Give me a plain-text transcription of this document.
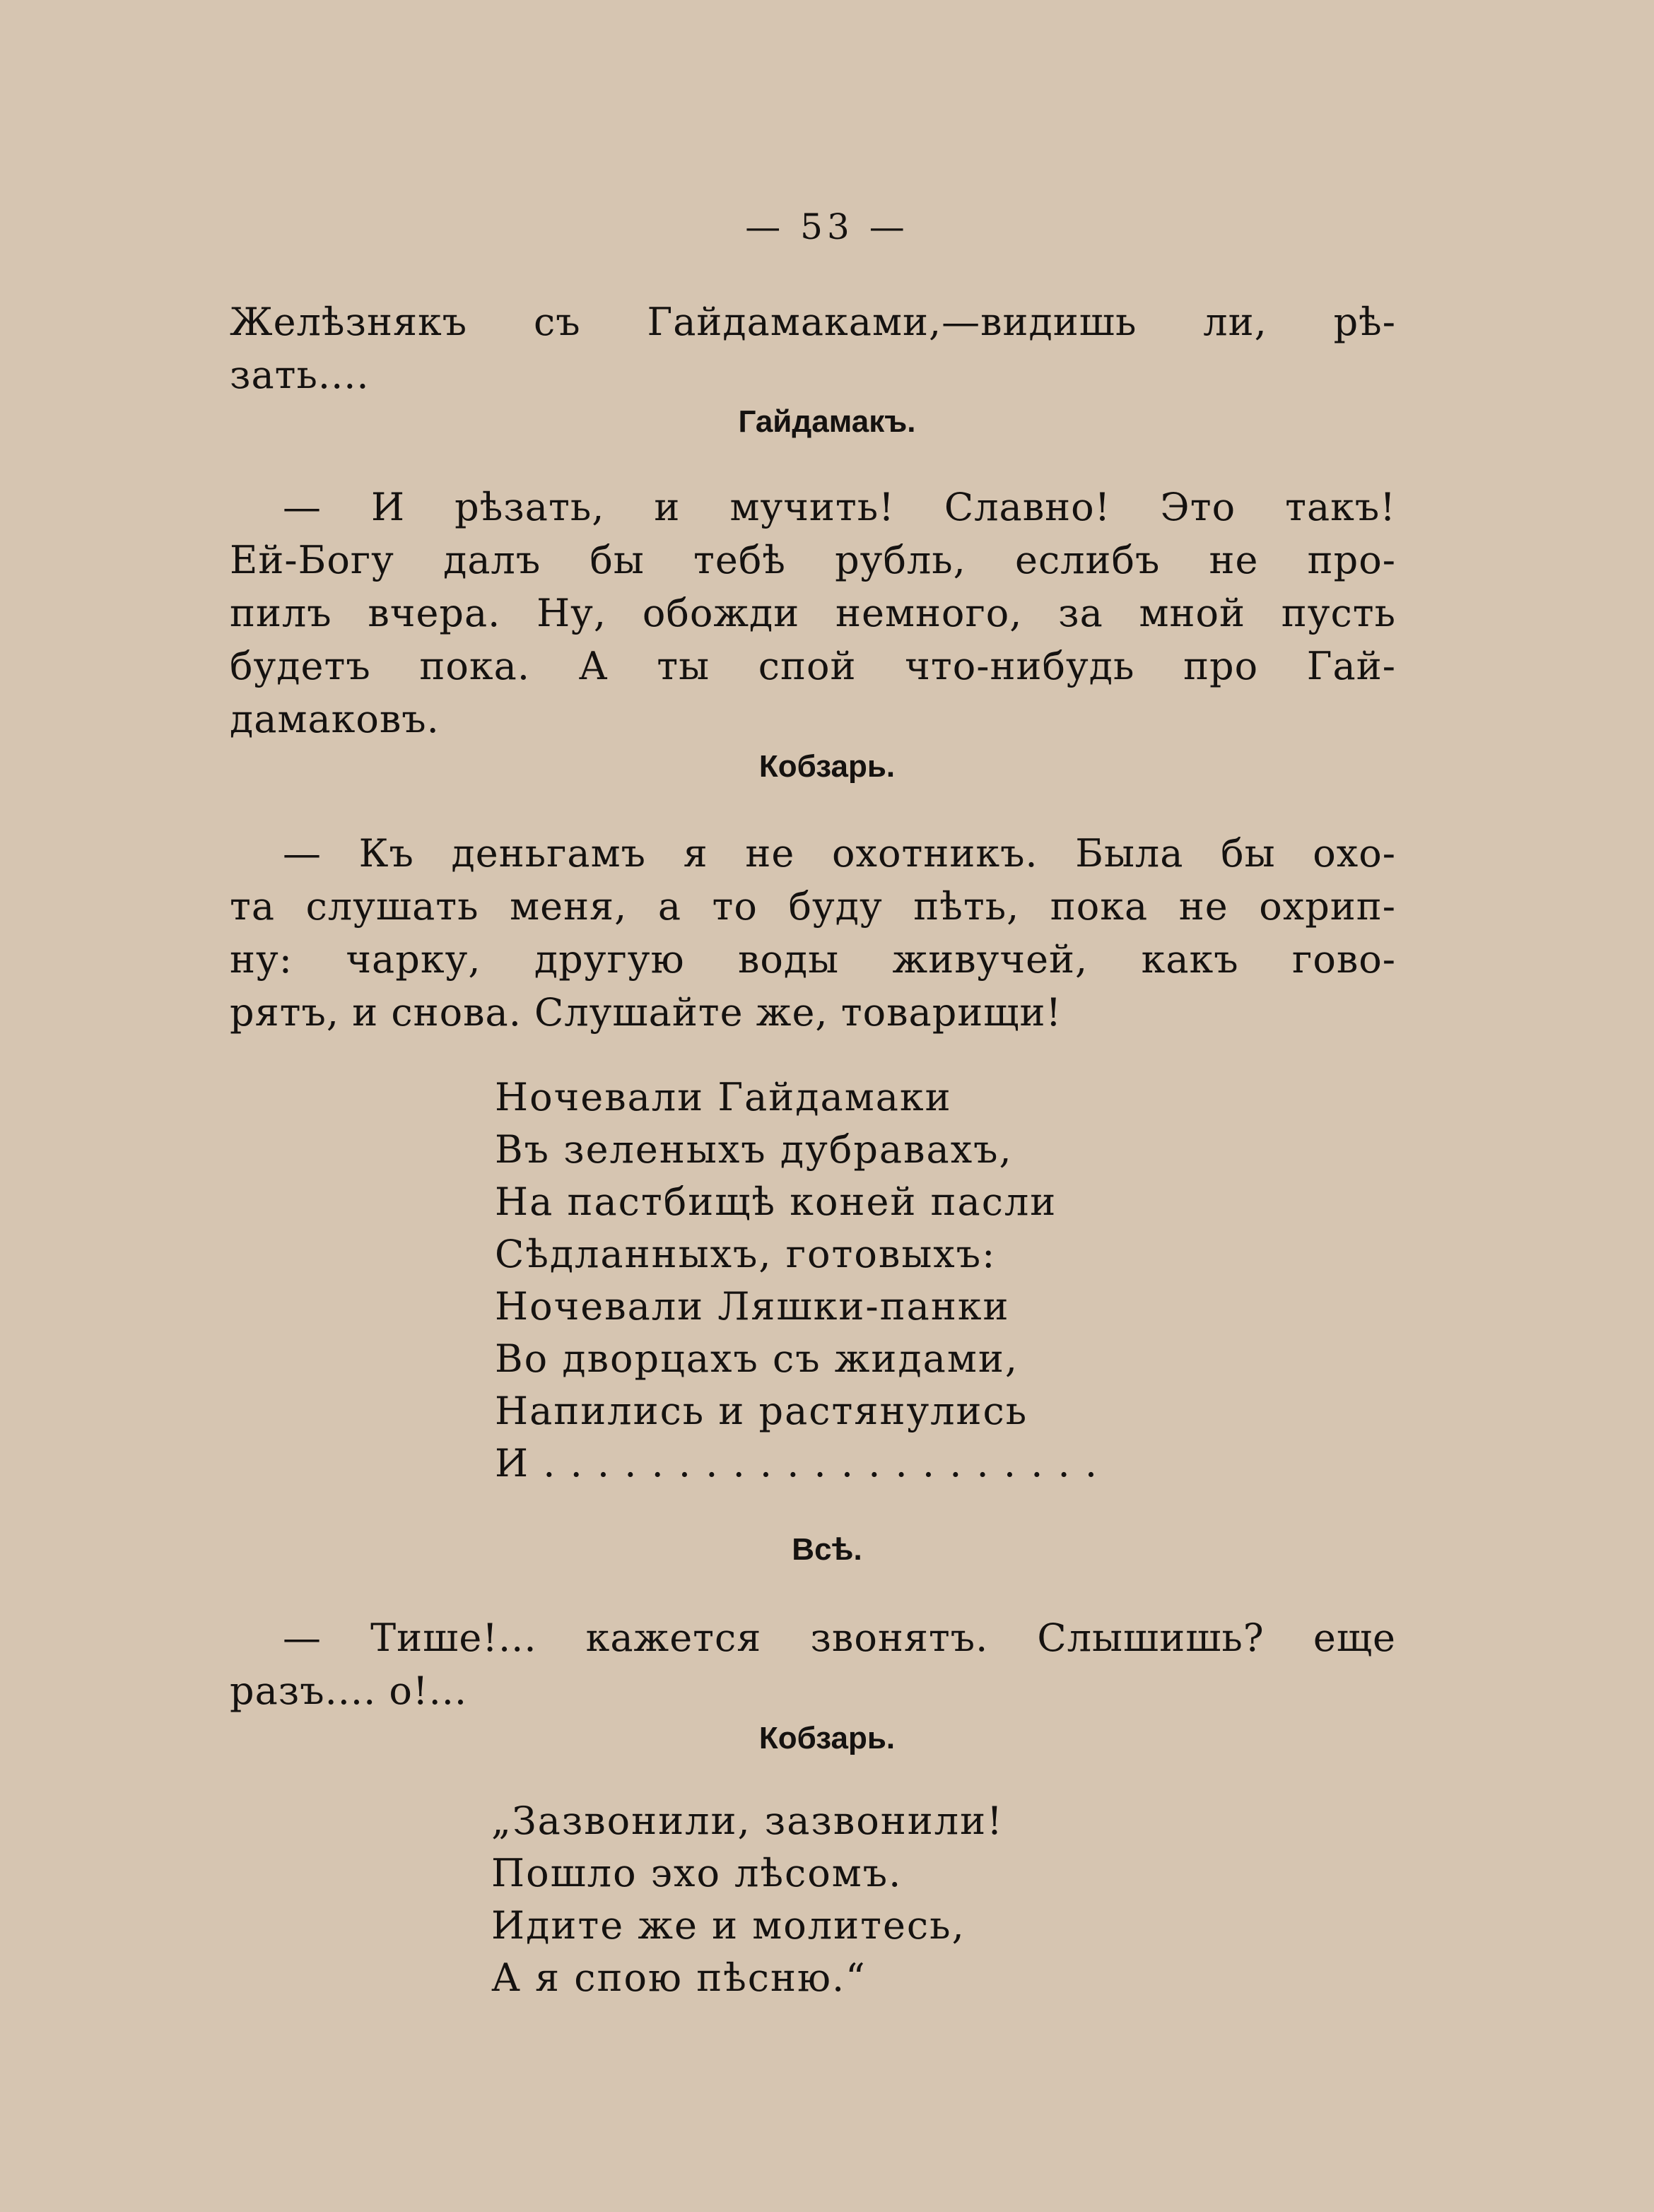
— 53 —
Желѣзнякъ съ Гайдамаками,—видишь ли, рѣ-
зать....
Гайдамакъ.
— И рѣзать, и мучить! Славно! Это такъ!
Ей-Богу далъ бы тебѣ рубль, еслибъ не про-
пилъ вчера. Ну, обожди немного, за мной пусть
будетъ пока. А ты спой что-нибудь про Гай-
дамаковъ.
Кобзарь.
— Къ деньгамъ я не охотникъ. Была бы охо-
та слушать меня, а то буду пѣть, пока не охрип-
ну: чарку, другую воды живучей, какъ гово-
рятъ, и снова. Слушайте же, товарищи!
Ночевали Гайдамаки
Въ зеленыхъ дубравахъ,
На пастбищѣ коней пасли
Сѣдланныхъ, готовыхъ:
Ночевали Ляшки-панки
Во дворцахъ съ жидами,
Напились и растянулись
И . . . . . . . . . . . . . . . . . . . . .
Всѣ.
— Тише!... кажется звонятъ. Слышишь? еще
разъ.... о!...
Кобзарь.
„Зазвонили, зазвонили!
Пошло эхо лѣсомъ.
Идите же и молитесь,
А я спою пѣсню.“
